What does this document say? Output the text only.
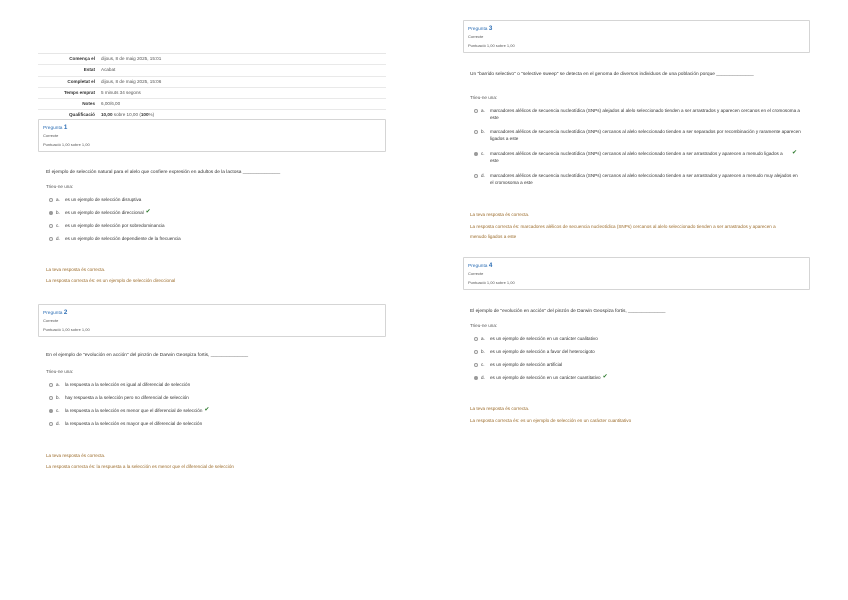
Comença el	dijous, 8 de maig 2025, 15:01
Estat	Acabat
Completat el	dijous, 8 de maig 2025, 15:06
Temps emprat	5 minuts 34 segons
Notes	6,00/6,00
Qualificació	10,00 sobre 10,00 (100%)
Pregunta 1
Correcte
Puntuació 1,00 sobre 1,00
El ejemplo de selección natural para el alelo que confiere expresión en adultos de la lactosa ______________
Trieu-ne una:
a.	es un ejemplo de selección disruptiva
b.	es un ejemplo de selección direccional ✔
c.	es un ejemplo de selección por sobredominancia
d.	es un ejemplo de selección dependiente de la frecuencia
La teva resposta és correcta.
La resposta correcta és: es un ejemplo de selección direccional
Pregunta 2
Correcte
Puntuació 1,00 sobre 1,00
En el ejemplo de "evolución en acción" del pinzón de Darwin Geospiza fortis, ______________
Trieu-ne una:
a.	la respuesta a la selección es igual al diferencial de selección
b.	hay respuesta a la selección pero no diferencial de selección
c.	la respuesta a la selección es menor que el diferencial de selección ✔
d.	la respuesta a la selección es mayor que el diferencial de selección
La teva resposta és correcta.
La resposta correcta és: la respuesta a la selección es menor que el diferencial de selección
Pregunta 3
Correcte
Puntuació 1,00 sobre 1,00
Un "barrido selectivo" o "selective sweep" se detecta en el genoma de diversos individuos de una población porque ______________
Trieu-ne una:
a.	marcadores alélicos de secuencia nucleotídica (SNPs) alejados al alelo seleccionado tienden a ser arrastrados y aparecen cercanos en el cromosoma a este
b.	marcadores alélicos de secuencia nucleotídica (SNPs) cercanos al alelo seleccionado tienden a ser separados por recombinación y raramente aparecen ligados a este
c.	marcadores alélicos de secuencia nucleotídica (SNPs) cercanos al alelo seleccionado tienden a ser arrastrados y aparecen a menudo ligados a este
✔
d.	marcadores alélicos de secuencia nucleotídica (SNPs) cercanos al alelo seleccionado tienden a ser arrastrados y aparecen a menudo muy alejados en el cromosoma a este
La teva resposta és correcta.
La resposta correcta és: marcadores alélicos de secuencia nucleotídica (SNPs) cercanos al alelo seleccionado tienden a ser arrastrados y aparecen a menudo ligados a este
Pregunta 4
Correcte
Puntuació 1,00 sobre 1,00
El ejemplo de "evolución en acción" del pinzón de Darwin Geospiza fortis, ______________
Trieu-ne una:
a.	es un ejemplo de selección en un carácter cualitativo
b.	es un ejemplo de selección a favor del heterocigoto
c.	es un ejemplo de selección artificial
d.	es un ejemplo de selección en un carácter cuantitativo ✔
La teva resposta és correcta.
La resposta correcta és: es un ejemplo de selección en un carácter cuantitativo
